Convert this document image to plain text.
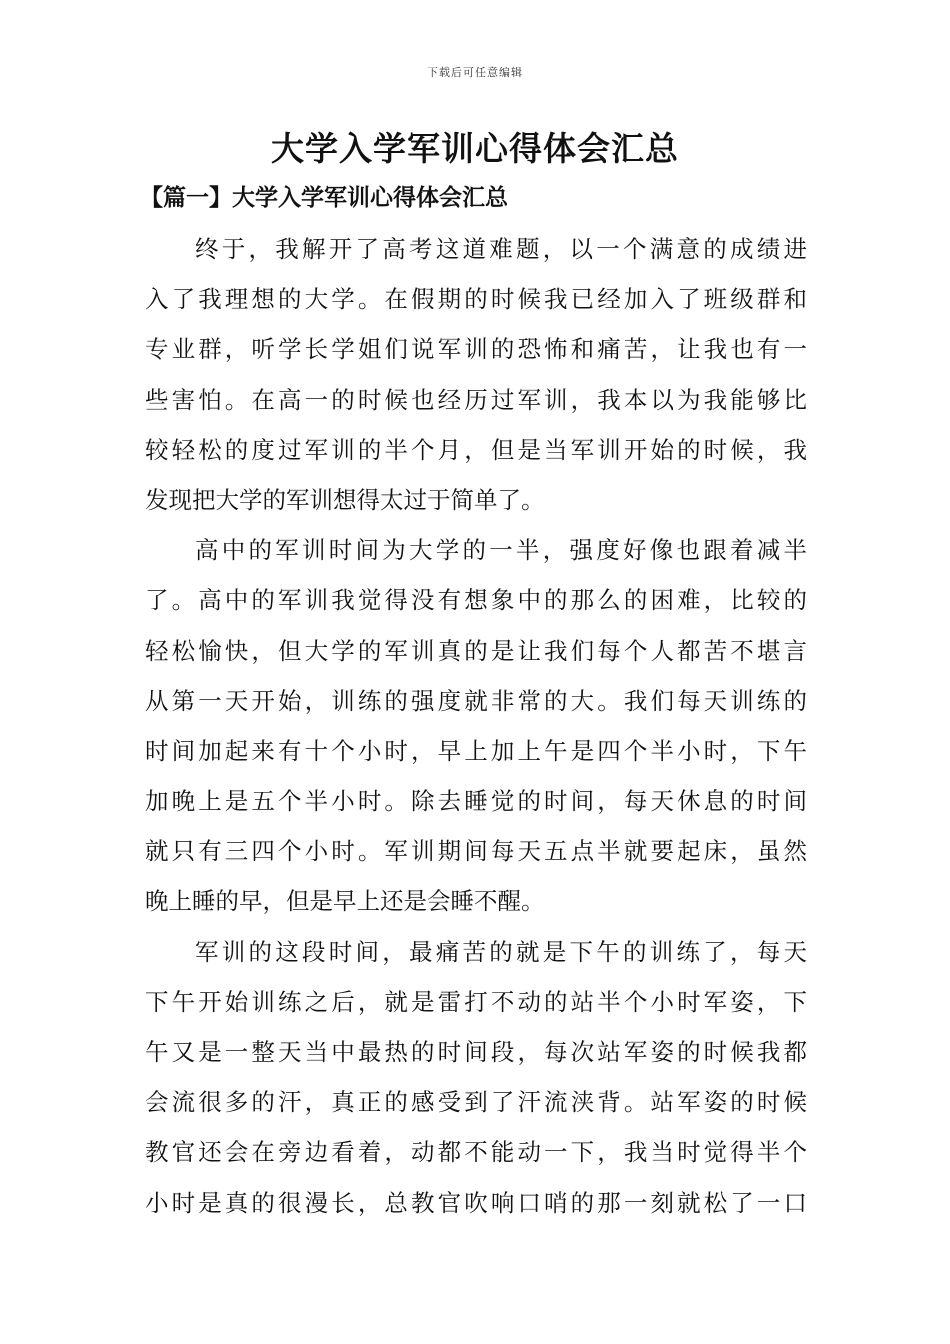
下载后可任意编辑
大学入学军训心得体会汇总
【篇一】大学入学军训心得体会汇总
终于，我解开了高考这道难题，以一个满意的成绩进
入了我理想的大学。在假期的时候我已经加入了班级群和
专业群，听学长学姐们说军训的恐怖和痛苦，让我也有一
些害怕。在高一的时候也经历过军训，我本以为我能够比
较轻松的度过军训的半个月，但是当军训开始的时候，我
发现把大学的军训想得太过于简单了。
高中的军训时间为大学的一半，强度好像也跟着减半
了。高中的军训我觉得没有想象中的那么的困难，比较的
轻松愉快，但大学的军训真的是让我们每个人都苦不堪言
从第一天开始，训练的强度就非常的大。我们每天训练的
时间加起来有十个小时，早上加上午是四个半小时，下午
加晚上是五个半小时。除去睡觉的时间，每天休息的时间
就只有三四个小时。军训期间每天五点半就要起床，虽然
晚上睡的早，但是早上还是会睡不醒。
军训的这段时间，最痛苦的就是下午的训练了，每天
下午开始训练之后，就是雷打不动的站半个小时军姿，下
午又是一整天当中最热的时间段，每次站军姿的时候我都
会流很多的汗，真正的感受到了汗流浃背。站军姿的时候
教官还会在旁边看着，动都不能动一下，我当时觉得半个
小时是真的很漫长，总教官吹响口哨的那一刻就松了一口
